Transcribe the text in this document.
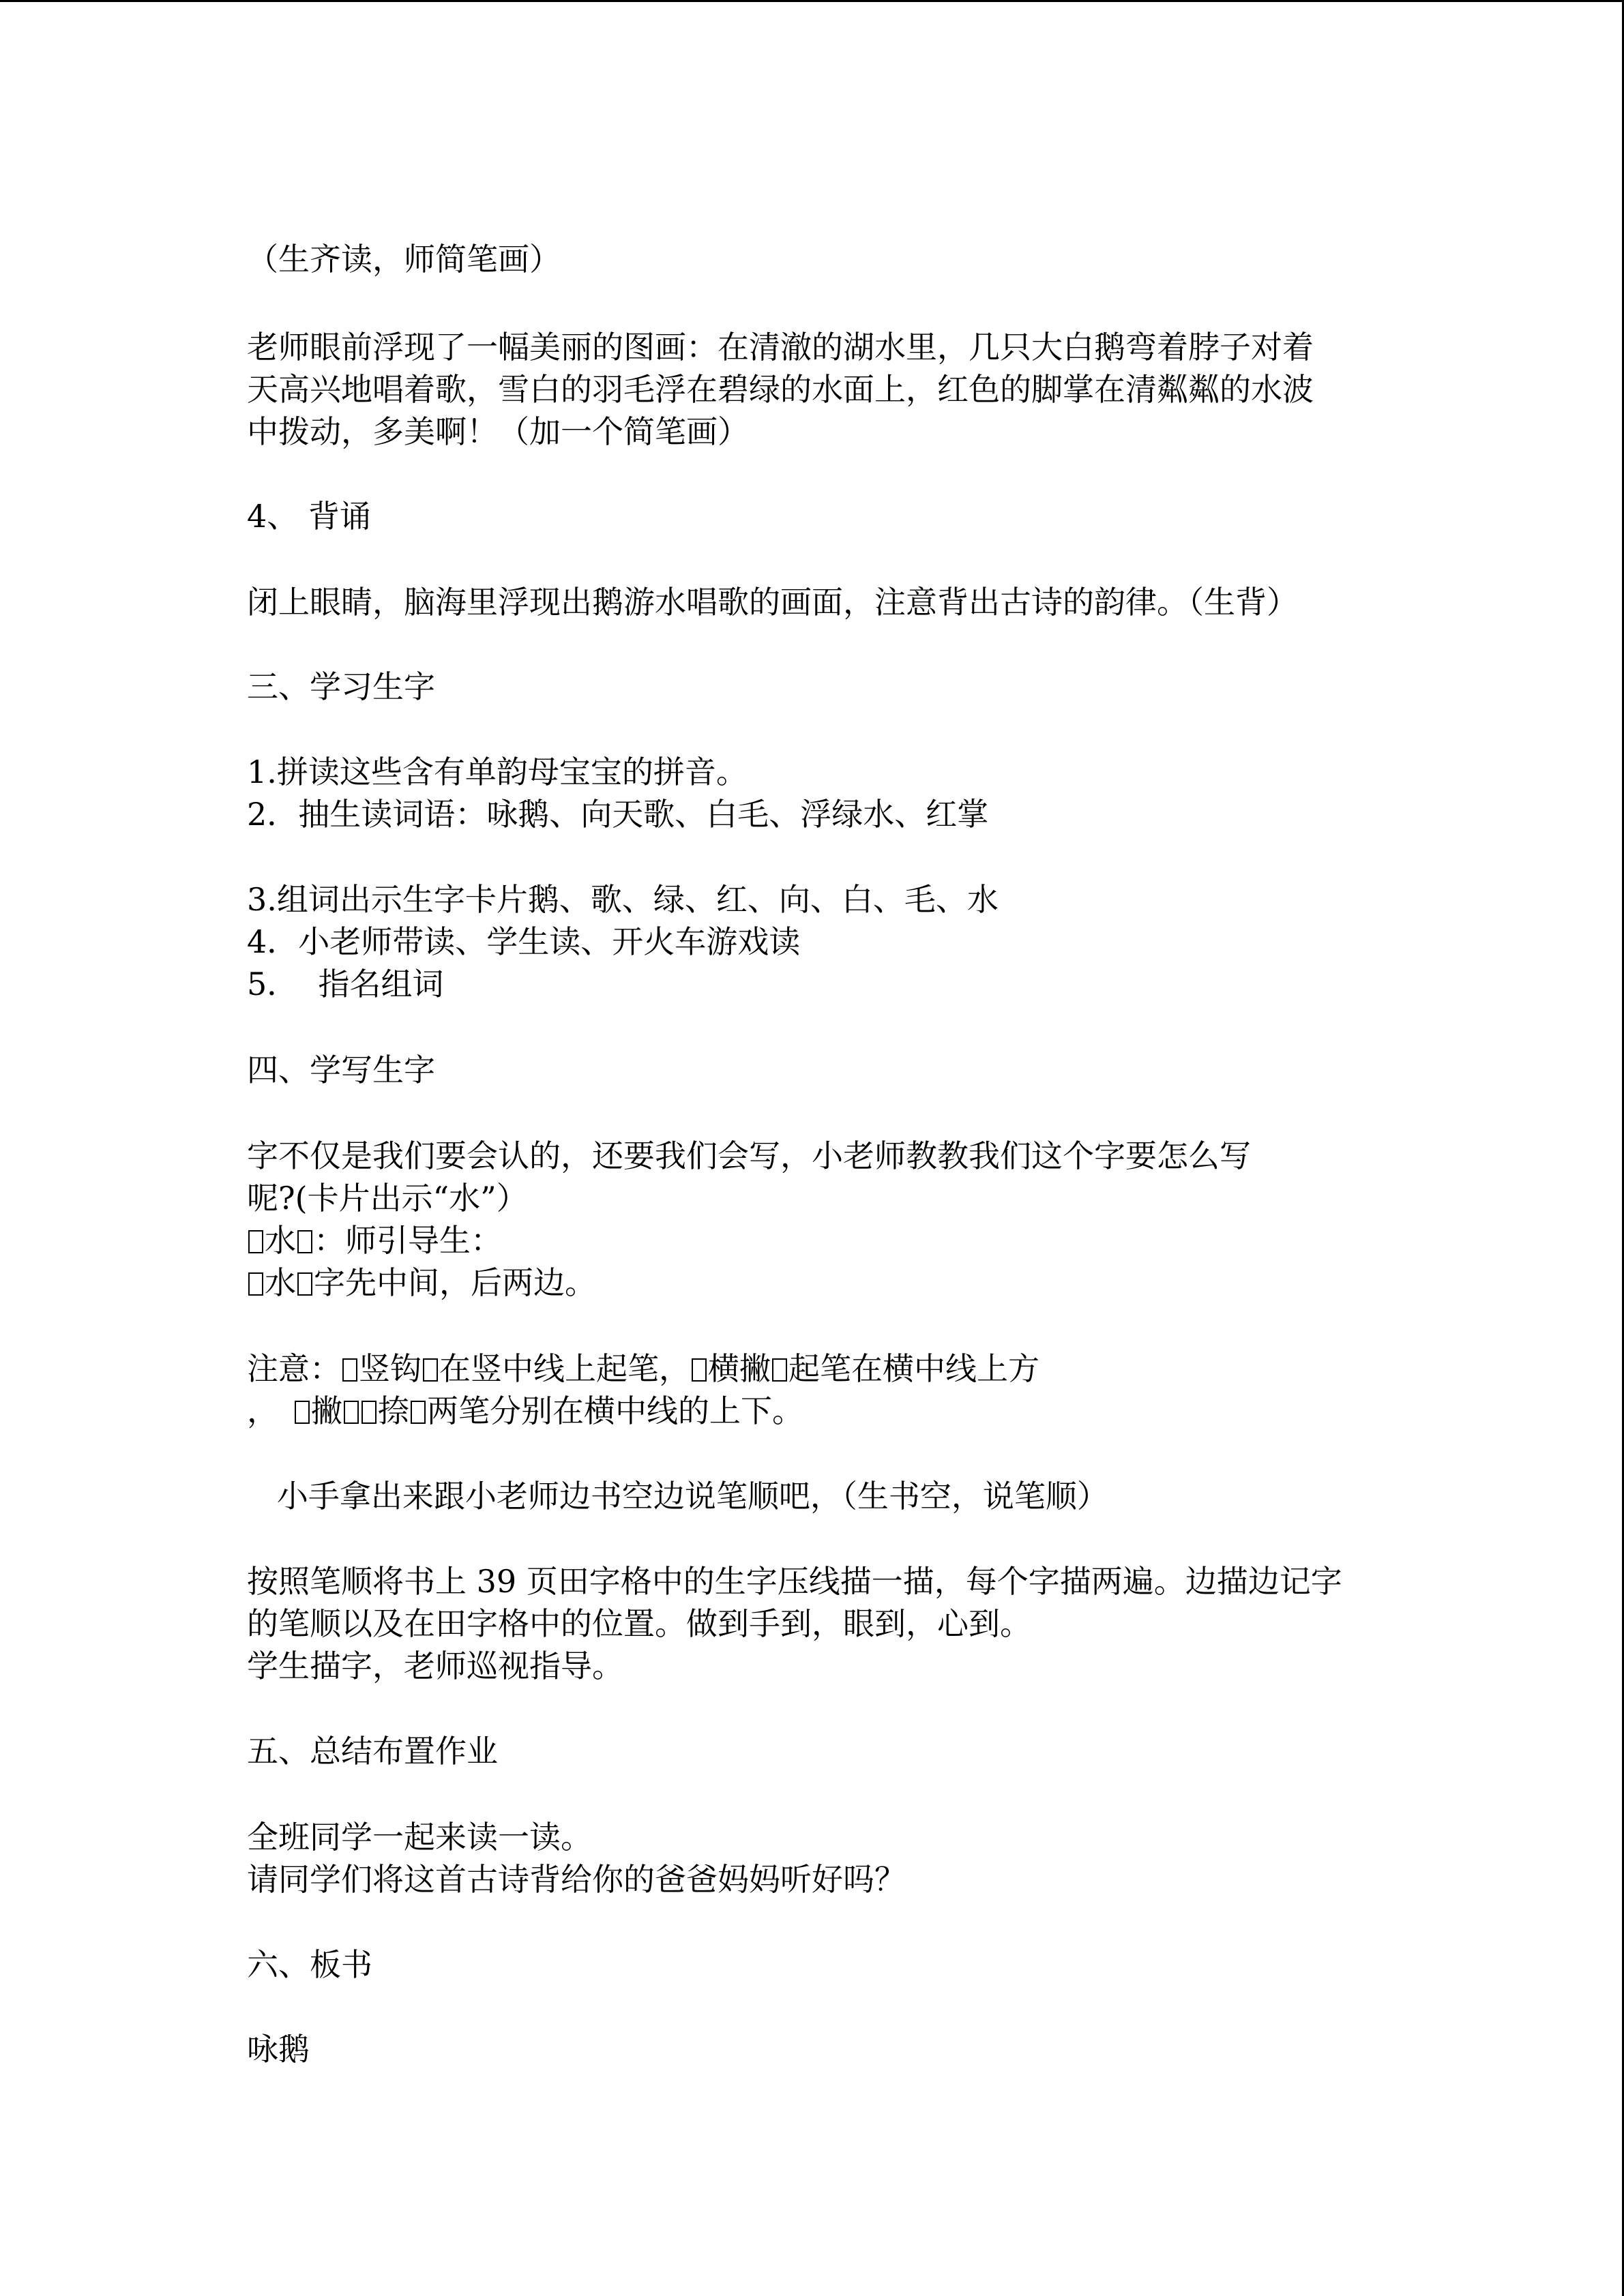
（生齐读，师简笔画）

老师眼前浮现了一幅美丽的图画：在清澈的湖水里，几只大白鹅弯着脖子对着

天高兴地唱着歌，雪白的羽毛浮在碧绿的水面上，红色的脚掌在清粼粼的水波

中拨动，多美啊！（加一个简笔画）

4、 背诵

闭上眼睛，脑海里浮现出鹅游水唱歌的画面，注意背出古诗的韵律。（生背）

三、学习生字

1.拼读这些含有单韵母宝宝的拼音。

2．抽生读词语：咏鹅、向天歌、白毛、浮绿水、红掌

3.组词出示生字卡片鹅、歌、绿、红、向、白、毛、水

4．小老师带读、学生读、开火车游戏读

5．  指名组词

四、学写生字

字不仅是我们要会认的，还要我们会写，小老师教教我们这个字要怎么写

呢?(卡片出示“水”）

水 ：师引导生：

水 字先中间，后两边。

注意： 竖钩 在竖中线上起笔， 横撇 起笔在横中线上方

， 撇 捺 两笔分别在横中线的上下。

小手拿出来跟小老师边书空边说笔顺吧，（生书空，说笔顺）

按照笔顺将书上 39 页田字格中的生字压线描一描，每个字描两遍。边描边记字

的笔顺以及在田字格中的位置。做到手到，眼到，心到。

学生描字，老师巡视指导。

五、总结布置作业

全班同学一起来读一读。

请同学们将这首古诗背给你的爸爸妈妈听好吗？

六、板书

咏鹅
